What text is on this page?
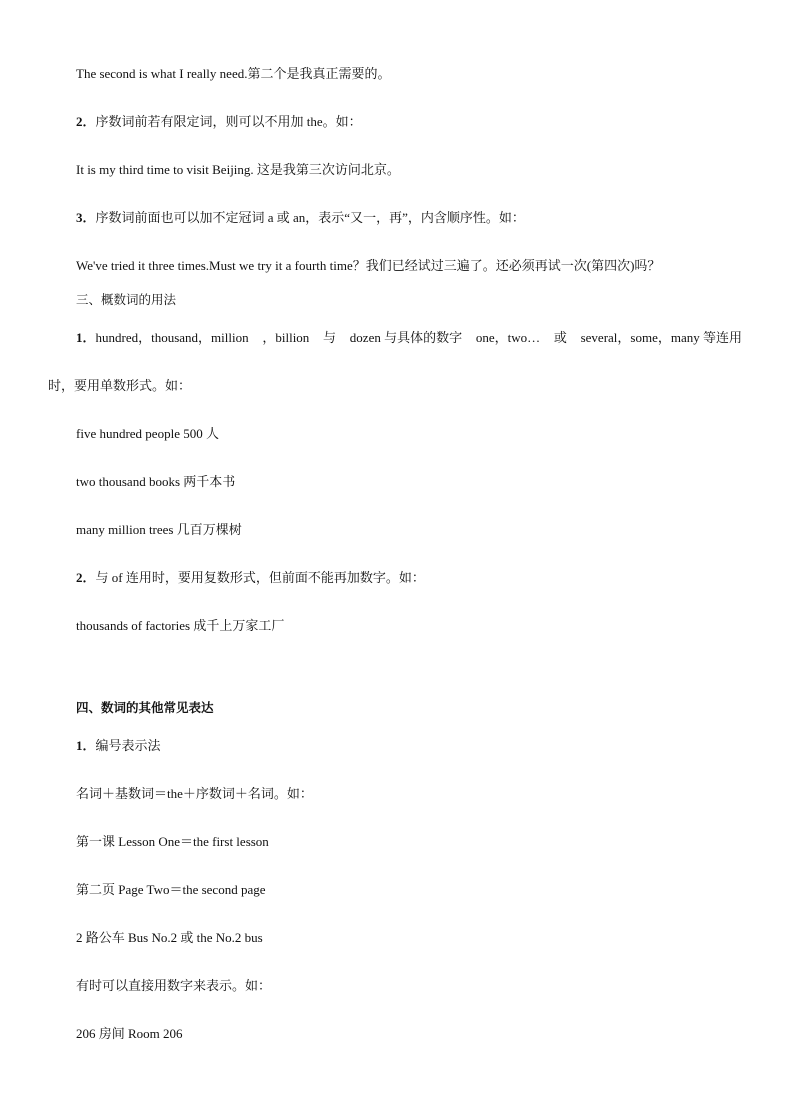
The second is what I really need.第二个是我真正需要的。
2．序数词前若有限定词，则可以不用加 the。如：
It is my third time to visit Beijing. 这是我第三次访问北京。
3．序数词前面也可以加不定冠词 a 或 an，表示“又一，再”，内含顺序性。如：
We've tried it three times.Must we try it a fourth time？我们已经试过三遍了。还必须再试一次(第四次)吗？
三、概数词的用法
1．hundred，thousand，million ，billion 与 dozen 与具体的数字 one，two… 或 several，some，many 等连用
时，要用单数形式。如：
five hundred people 500 人
two thousand books 两千本书
many million trees 几百万棵树
2．与 of 连用时，要用复数形式，但前面不能再加数字。如：
thousands of factories 成千上万家工厂
四、数词的其他常见表达
1．编号表示法
名词＋基数词＝the＋序数词＋名词。如：
第一课 Lesson One＝the first lesson
第二页 Page Two＝the second page
2 路公车 Bus No.2 或 the No.2 bus
有时可以直接用数字来表示。如：
206 房间 Room 206
